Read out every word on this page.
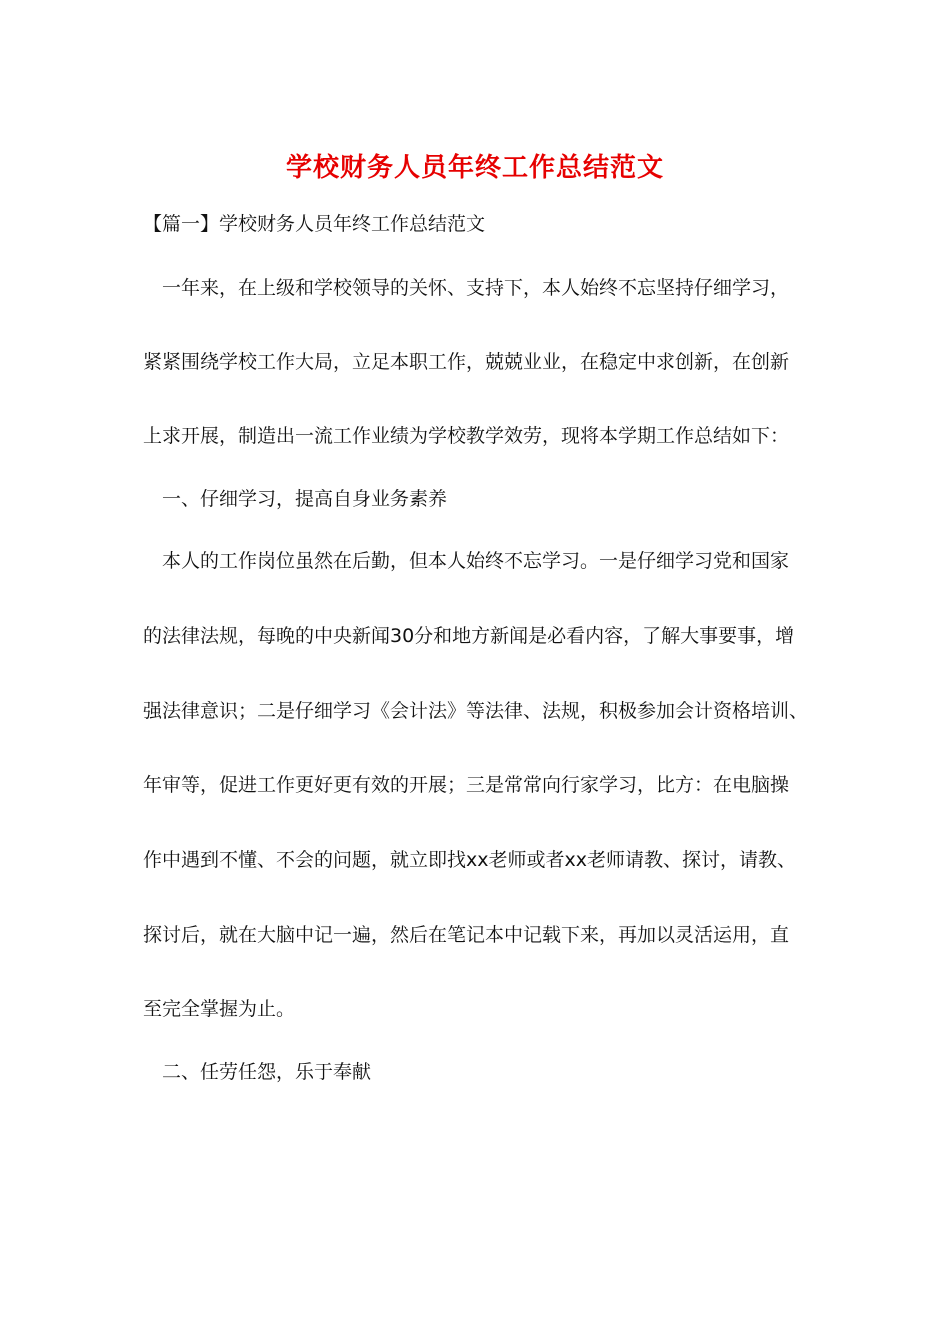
学校财务人员年终工作总结范文

【篇一】学校财务人员年终工作总结范文

一年来，在上级和学校领导的关怀、支持下，本人始终不忘坚持仔细学习，

紧紧围绕学校工作大局，立足本职工作，兢兢业业，在稳定中求创新，在创新

上求开展，制造出一流工作业绩为学校教学效劳，现将本学期工作总结如下：

一、仔细学习，提高自身业务素养

本人的工作岗位虽然在后勤，但本人始终不忘学习。一是仔细学习党和国家

的法律法规，每晚的中央新闻30分和地方新闻是必看内容，了解大事要事，增

强法律意识；二是仔细学习《会计法》等法律、法规，积极参加会计资格培训、

年审等，促进工作更好更有效的开展；三是常常向行家学习，比方：在电脑操

作中遇到不懂、不会的问题，就立即找xx老师或者xx老师请教、探讨，请教、

探讨后，就在大脑中记一遍，然后在笔记本中记载下来，再加以灵活运用，直

至完全掌握为止。

二、任劳任怨，乐于奉献
